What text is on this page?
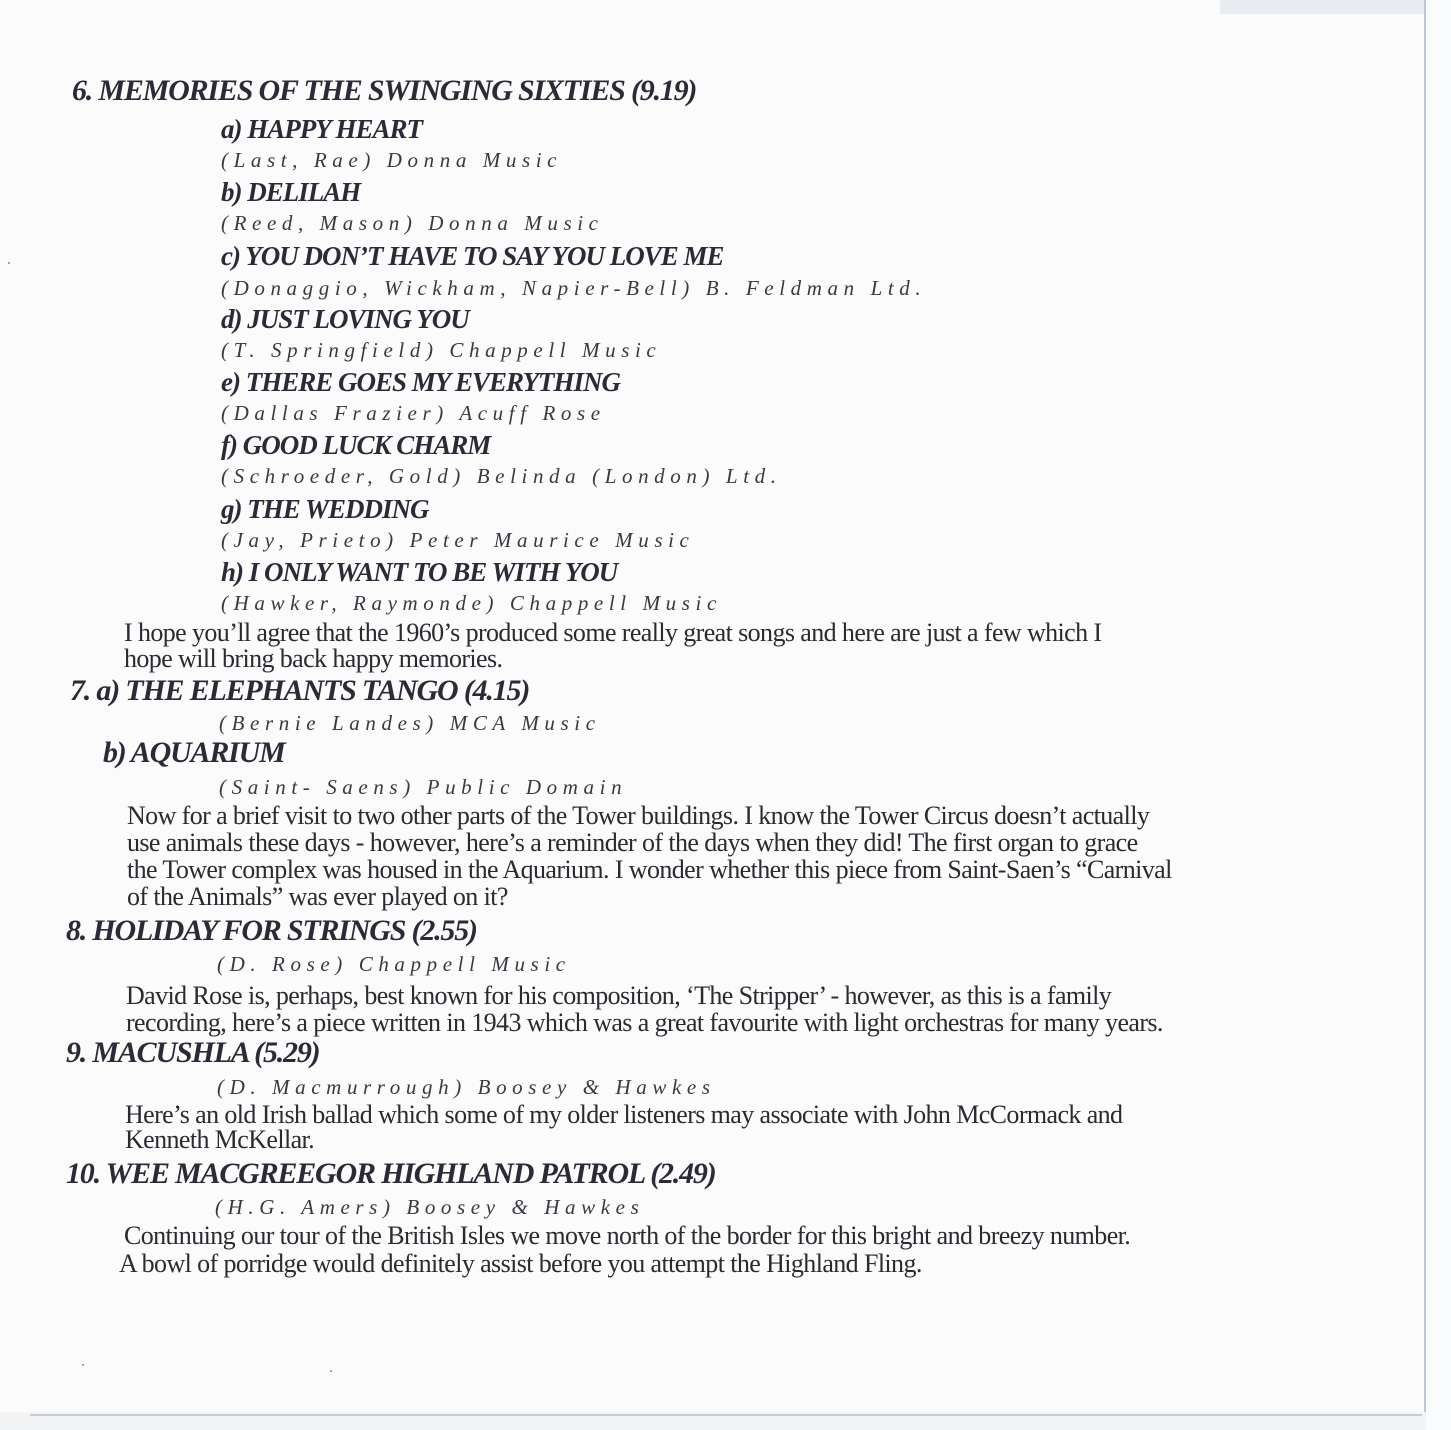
6. MEMORIES OF THE SWINGING SIXTIES (9.19)
a) HAPPY HEART
(Last, Rae) Donna Music
b) DELILAH
(Reed, Mason) Donna Music
c) YOU DON’T HAVE TO SAY YOU LOVE ME
(Donaggio, Wickham, Napier-Bell) B. Feldman Ltd.
d) JUST LOVING YOU
(T. Springfield) Chappell Music
e) THERE GOES MY EVERYTHING
(Dallas Frazier) Acuff Rose
f) GOOD LUCK CHARM
(Schroeder, Gold) Belinda (London) Ltd.
g) THE WEDDING
(Jay, Prieto) Peter Maurice Music
h) I ONLY WANT TO BE WITH YOU
(Hawker, Raymonde) Chappell Music
I hope you’ll agree that the 1960’s produced some really great songs and here are just a few which I
hope will bring back happy memories.
7. a) THE ELEPHANTS TANGO (4.15)
(Bernie Landes) MCA Music
b) AQUARIUM
(Saint- Saens) Public Domain
Now for a brief visit to two other parts of the Tower buildings. I know the Tower Circus doesn’t actually
use animals these days - however, here’s a reminder of the days when they did! The first organ to grace
the Tower complex was housed in the Aquarium. I wonder whether this piece from Saint-Saen’s “Carnival
of the Animals” was ever played on it?
8. HOLIDAY FOR STRINGS (2.55)
(D. Rose) Chappell Music
David Rose is, perhaps, best known for his composition, ‘The Stripper’ - however, as this is a family
recording, here’s a piece written in 1943 which was a great favourite with light orchestras for many years.
9. MACUSHLA (5.29)
(D. Macmurrough) Boosey & Hawkes
Here’s an old Irish ballad which some of my older listeners may associate with John McCormack and
Kenneth McKellar.
10. WEE MACGREEGOR HIGHLAND PATROL (2.49)
(H.G. Amers) Boosey & Hawkes
Continuing our tour of the British Isles we move north of the border for this bright and breezy number.
A bowl of porridge would definitely assist before you attempt the Highland Fling.
